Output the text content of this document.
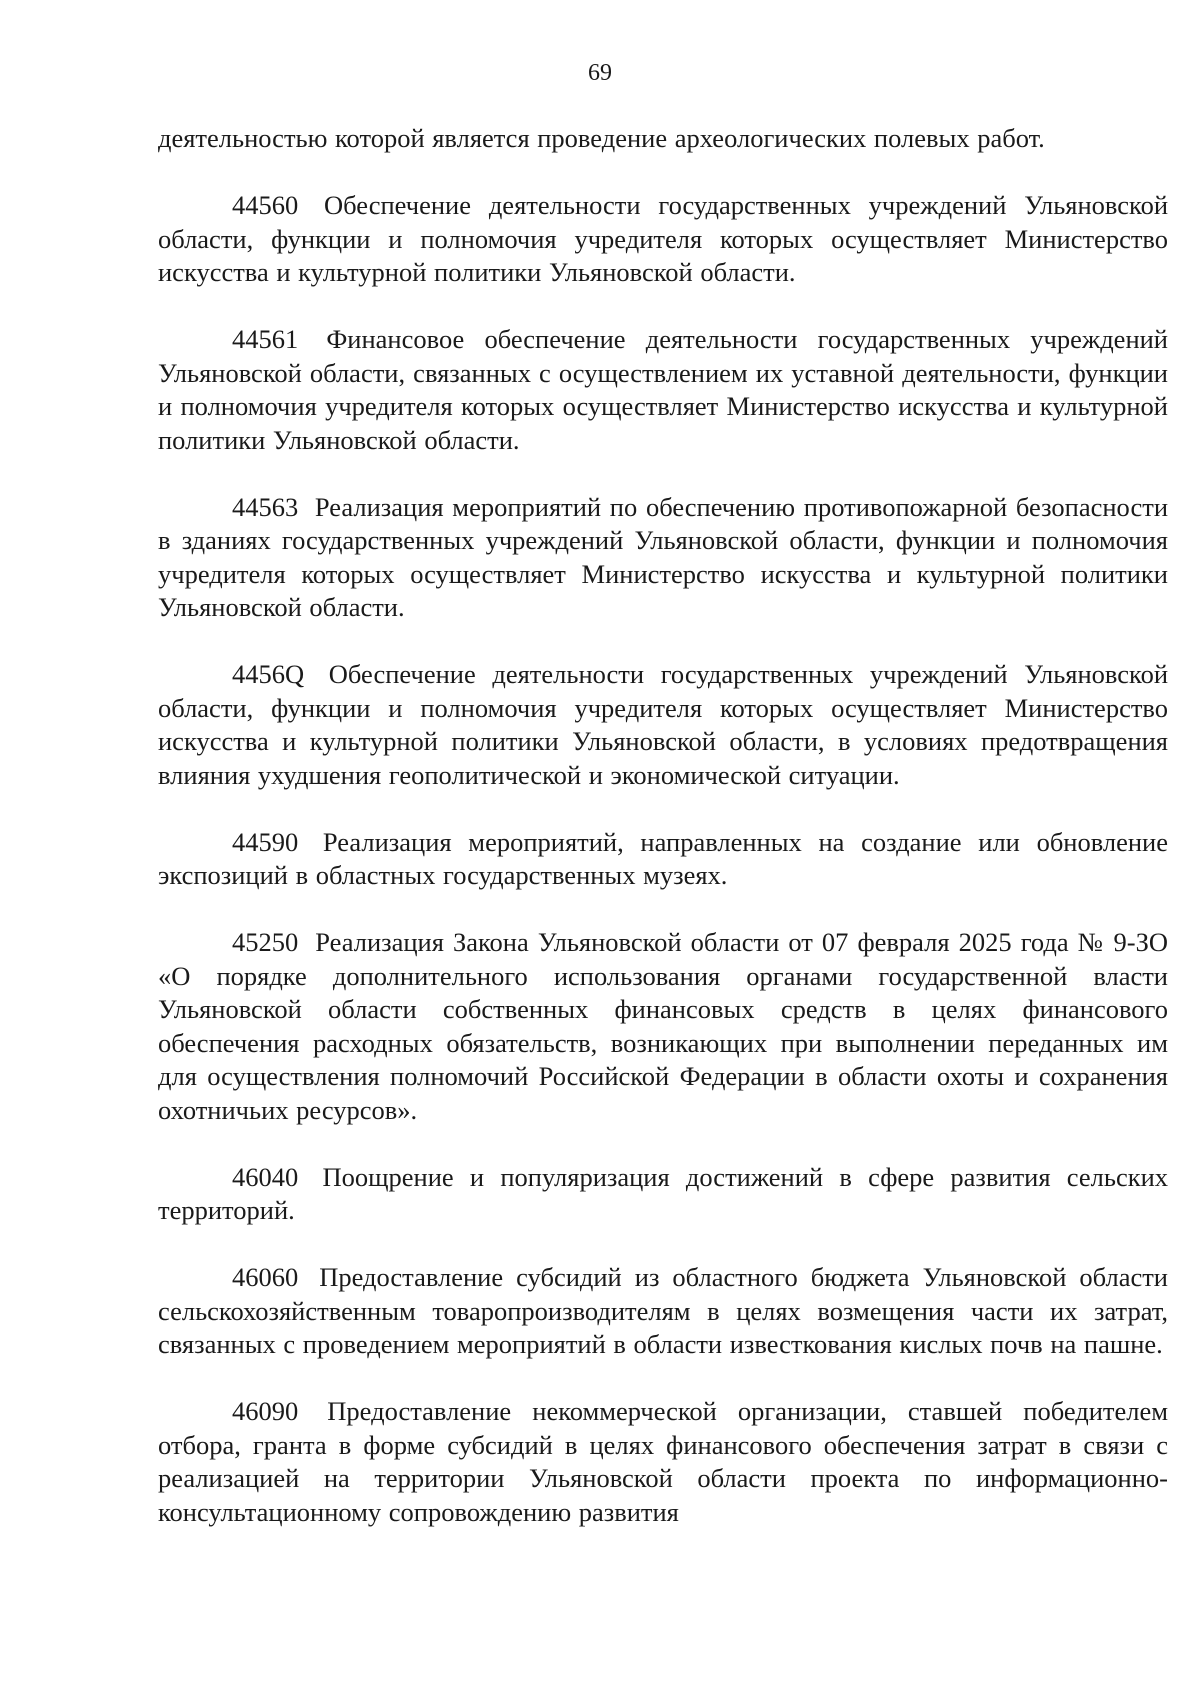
69

деятельностью которой является проведение археологических полевых работ.

44560 Обеспечение деятельности государственных учреждений Ульяновской области, функции и полномочия учредителя которых осуществляет Министерство искусства и культурной политики Ульяновской области.

44561 Финансовое обеспечение деятельности государственных учреждений Ульяновской области, связанных с осуществлением их уставной деятельности, функции и полномочия учредителя которых осуществляет Министерство искусства и культурной политики Ульяновской области.

44563 Реализация мероприятий по обеспечению противопожарной безопасности в зданиях государственных учреждений Ульяновской области, функции и полномочия учредителя которых осуществляет Министерство искусства и культурной политики Ульяновской области.

4456Q Обеспечение деятельности государственных учреждений Ульяновской области, функции и полномочия учредителя которых осуществляет Министерство искусства и культурной политики Ульяновской области, в условиях предотвращения влияния ухудшения геополитической и экономической ситуации.

44590 Реализация мероприятий, направленных на создание или обновление экспозиций в областных государственных музеях.

45250 Реализация Закона Ульяновской области от 07 февраля 2025 года № 9-ЗО «О порядке дополнительного использования органами государственной власти Ульяновской области собственных финансовых средств в целях финансового обеспечения расходных обязательств, возникающих при выполнении переданных им для осуществления полномочий Российской Федерации в области охоты и сохранения охотничьих ресурсов».

46040 Поощрение и популяризация достижений в сфере развития сельских территорий.

46060 Предоставление субсидий из областного бюджета Ульяновской области сельскохозяйственным товаропроизводителям в целях возмещения части их затрат, связанных с проведением мероприятий в области известкования кислых почв на пашне.

46090 Предоставление некоммерческой организации, ставшей победителем отбора, гранта в форме субсидий в целях финансового обеспечения затрат в связи с реализацией на территории Ульяновской области проекта по информационно-консультационному сопровождению развития
